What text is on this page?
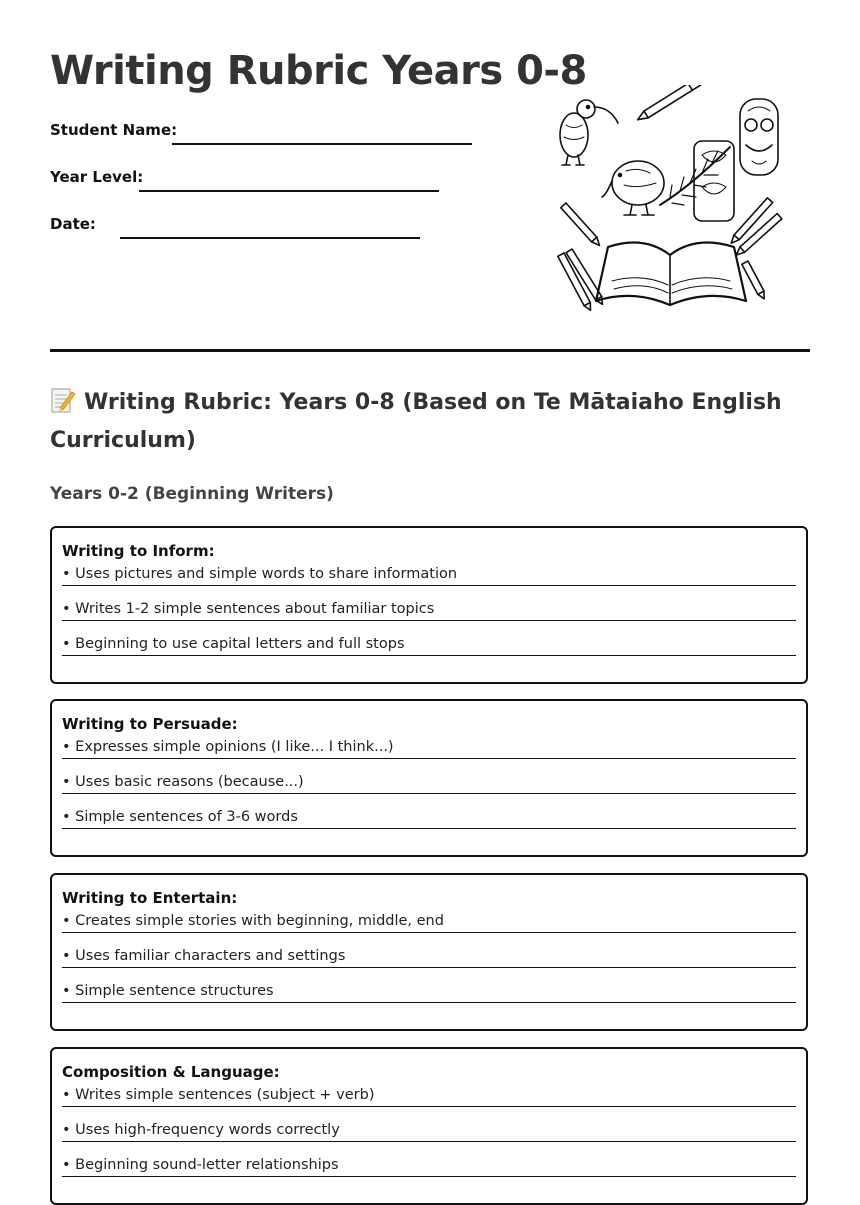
Writing Rubric Years 0-8
Student Name:
Year Level:
Date:
Writing Rubric: Years 0-8 (Based on Te Mātaiaho English Curriculum)
Years 0-2 (Beginning Writers)
Writing to Inform:
• Uses pictures and simple words to share information
• Writes 1-2 simple sentences about familiar topics
• Beginning to use capital letters and full stops
Writing to Persuade:
• Expresses simple opinions (I like... I think...)
• Uses basic reasons (because...)
• Simple sentences of 3-6 words
Writing to Entertain:
• Creates simple stories with beginning, middle, end
• Uses familiar characters and settings
• Simple sentence structures
Composition & Language:
• Writes simple sentences (subject + verb)
• Uses high-frequency words correctly
• Beginning sound-letter relationships
